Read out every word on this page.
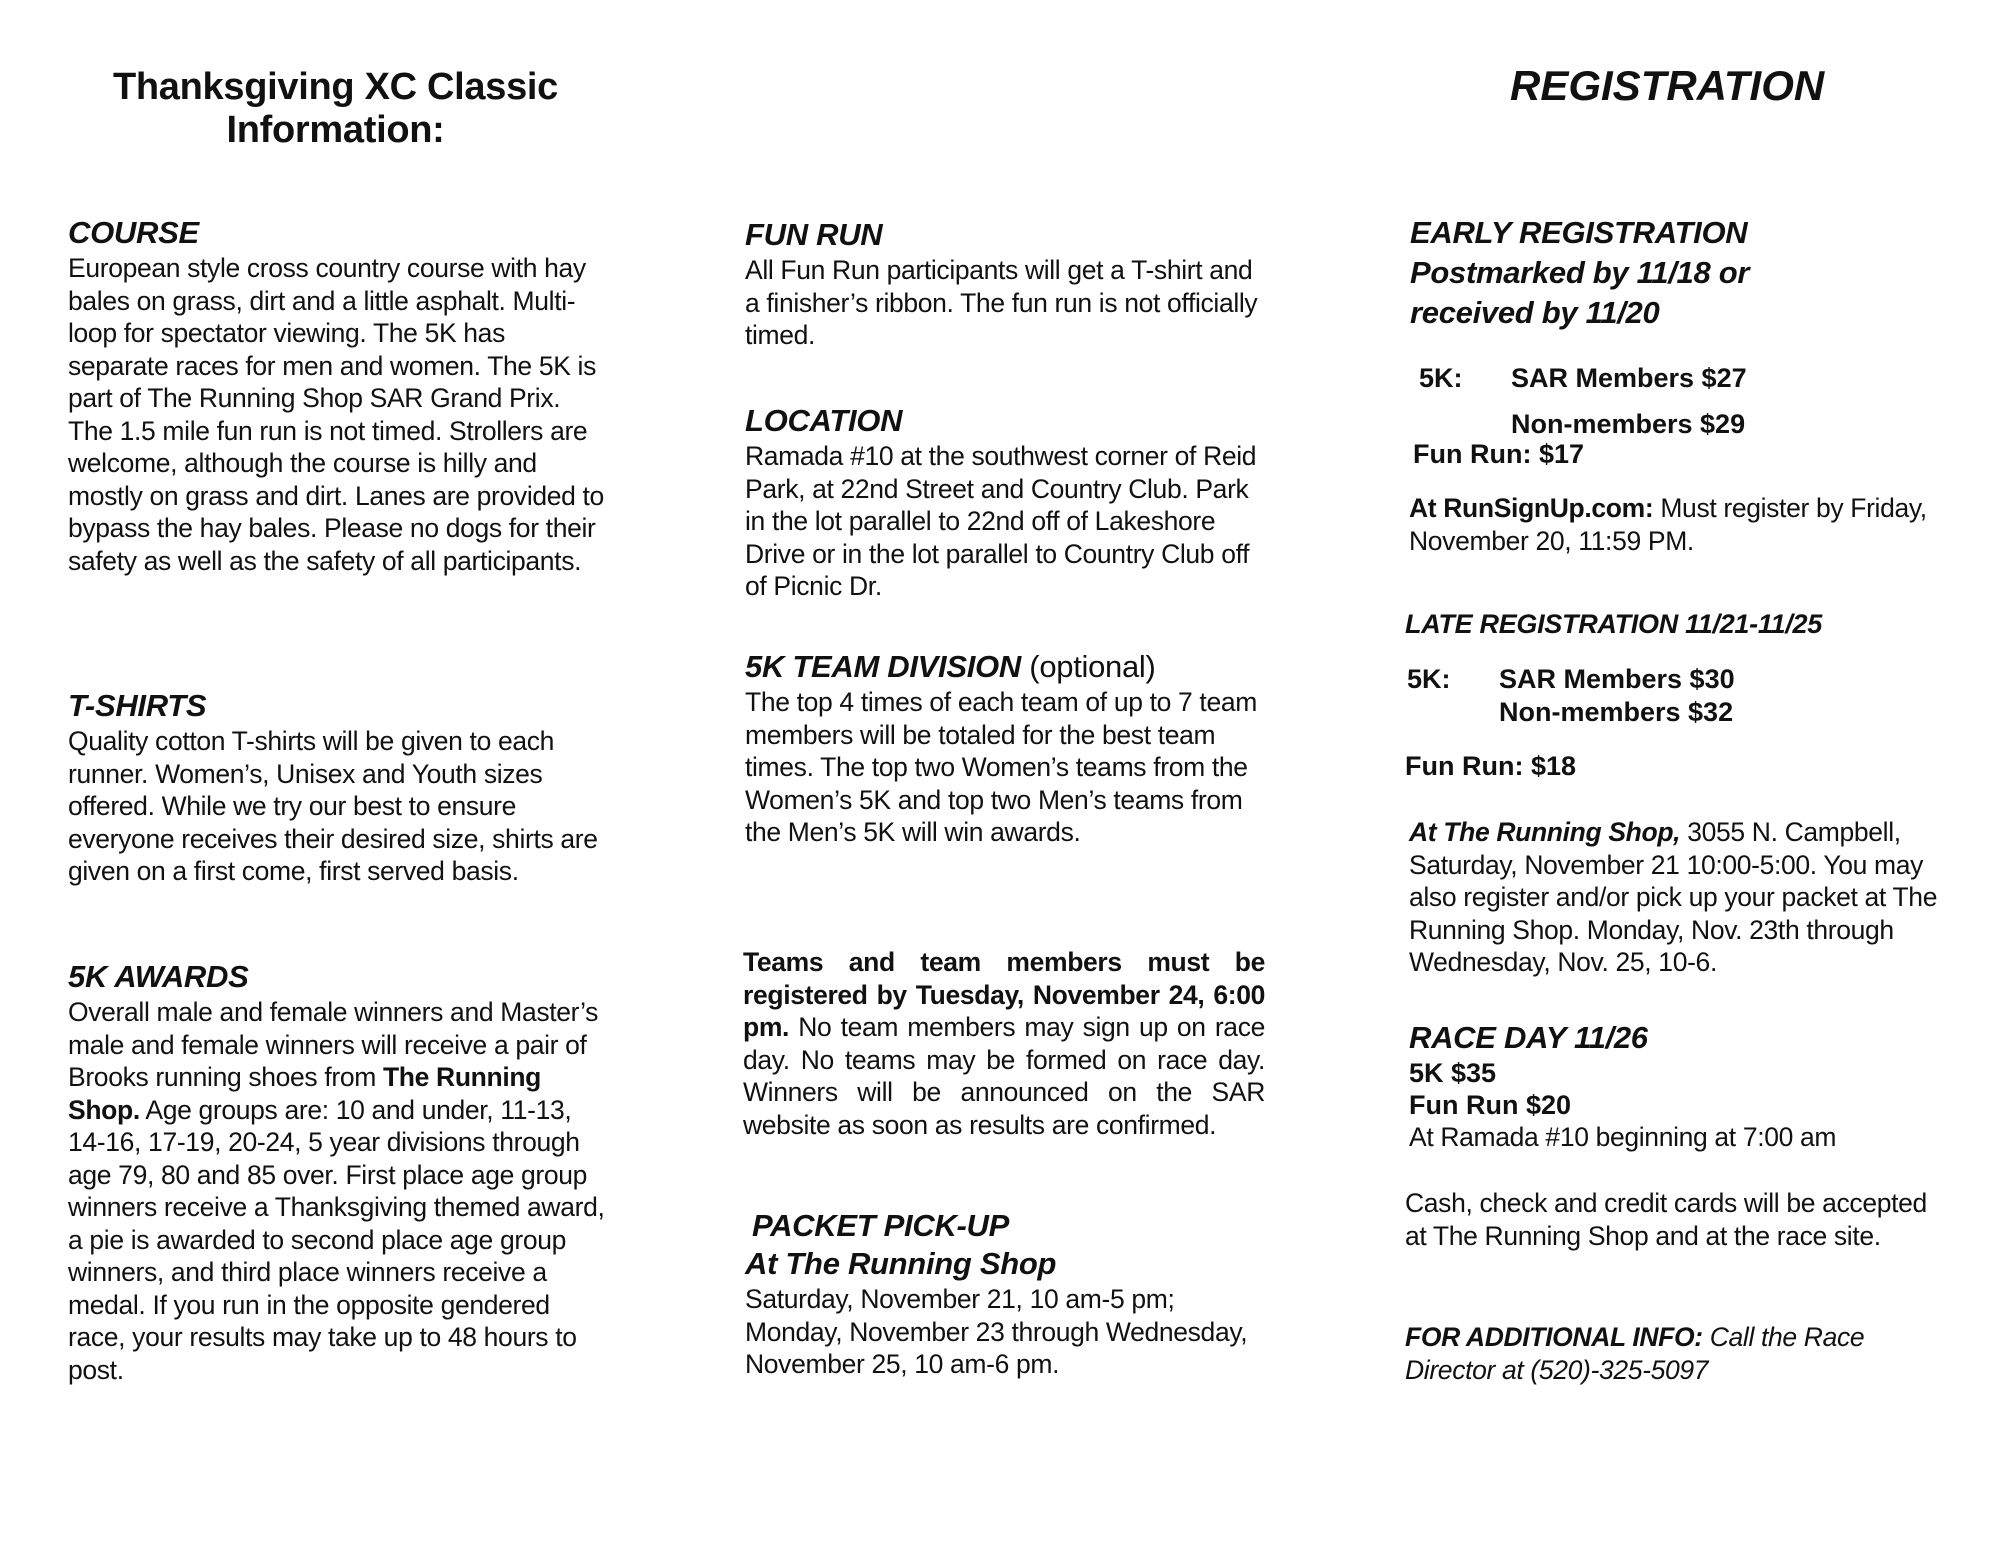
Thanksgiving XC Classic
Information:
COURSE

European style cross country course with hay bales on grass, dirt and a little asphalt. Multi-loop for spectator viewing. The 5K has separate races for men and women. The 5K is part of The Running Shop SAR Grand Prix. The 1.5 mile fun run is not timed. Strollers are welcome, although the course is hilly and mostly on grass and dirt. Lanes are provided to bypass the hay bales. Please no dogs for their safety as well as the safety of all participants.

T-SHIRTS

Quality cotton T-shirts will be given to each runner. Women’s, Unisex and Youth sizes offered. While we try our best to ensure everyone receives their desired size, shirts are given on a first come, first served basis.

5K AWARDS

Overall male and female winners and Master’s male and female winners will receive a pair of Brooks running shoes from The Running Shop. Age groups are: 10 and under, 11-13, 14-16, 17-19, 20-24, 5 year divisions through age 79, 80 and 85 over. First place age group winners receive a Thanksgiving themed award, a pie is awarded to second place age group winners, and third place winners receive a medal. If you run in the opposite gendered race, your results may take up to 48 hours to post.

FUN RUN

All Fun Run participants will get a T-shirt and a finisher’s ribbon. The fun run is not officially timed.

LOCATION

Ramada #10 at the southwest corner of Reid Park, at 22nd Street and Country Club. Park in the lot parallel to 22nd off of Lakeshore Drive or in the lot parallel to Country Club off of Picnic Dr.

5K TEAM DIVISION (optional)

The top 4 times of each team of up to 7 team members will be totaled for the best team times. The top two Women’s teams from the Women’s 5K and top two Men’s teams from the Men’s 5K will win awards.

Teams and team members must be registered by Tuesday, November 24, 6:00 pm. No team members may sign up on race day. No teams may be formed on race day. Winners will be announced on the SAR website as soon as results are confirmed.

PACKET PICK-UP
At The Running Shop

Saturday, November 21, 10 am-5 pm; Monday, November 23 through Wednesday, November 25, 10 am-6 pm.

REGISTRATION
EARLY REGISTRATION
Postmarked by 11/18 or
received by 11/20
5K:	SAR Members $27
Non-members $29
Fun Run: $17

At RunSignUp.com: Must register by Friday, November 20, 11:59 PM.

LATE REGISTRATION 11/21-11/25
5K:	SAR Members $30
Non-members $32
Fun Run: $18

At The Running Shop, 3055 N. Campbell, Saturday, November 21 10:00-5:00. You may also register and/or pick up your packet at The Running Shop. Monday, Nov. 23th through Wednesday, Nov. 25, 10-6.

RACE DAY 11/26
5K $35
Fun Run $20

At Ramada #10 beginning at 7:00 am

Cash, check and credit cards will be accepted at The Running Shop and at the race site.

FOR ADDITIONAL INFO: Call the Race Director at (520)-325-5097
